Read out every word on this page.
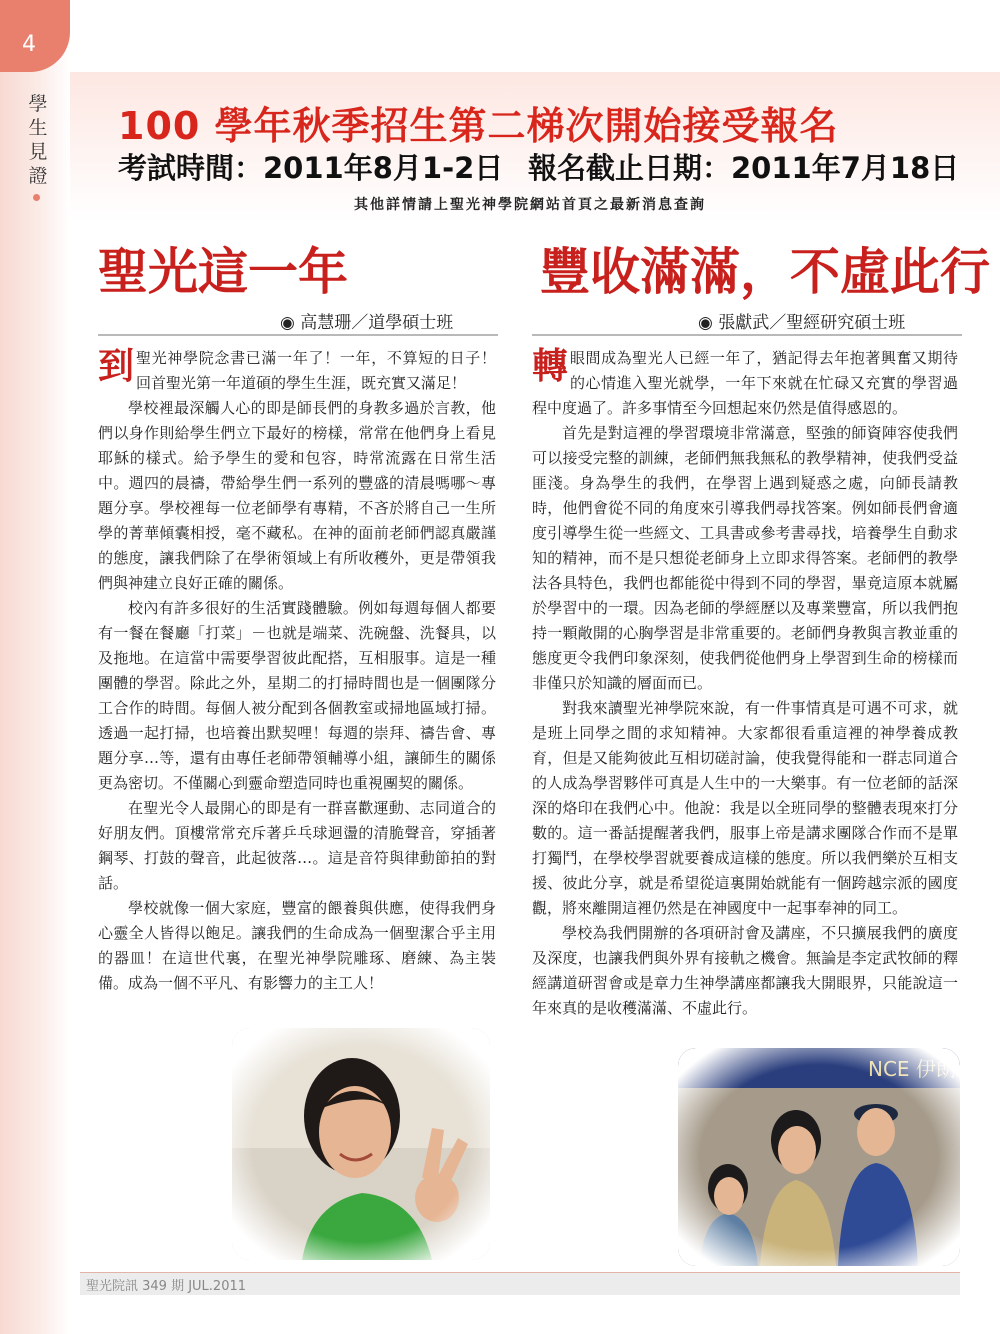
4
學生見證
100 學年秋季招生第二梯次開始接受報名
考試時間：2011年8月1-2日 報名截止日期：2011年7月18日
其他詳情請上聖光神學院網站首頁之最新消息查詢
聖光這一年
◉ 高慧珊／道學碩士班

到聖光神學院念書已滿一年了！一年，不算短的日子！回首聖光第一年道碩的學生生涯，既充實又滿足！

學校裡最深觸人心的即是師長們的身教多過於言教，他們以身作則給學生們立下最好的榜樣，常常在他們身上看見耶穌的樣式。給予學生的愛和包容，時常流露在日常生活中。週四的晨禱，帶給學生們一系列的豐盛的清晨嗎哪～專題分享。學校裡每一位老師學有專精，不吝於將自己一生所學的菁華傾囊相授，毫不藏私。在神的面前老師們認真嚴謹的態度，讓我們除了在學術領域上有所收穫外，更是帶領我們與神建立良好正確的關係。

校內有許多很好的生活實踐體驗。例如每週每個人都要有一餐在餐廳「打菜」－也就是端菜、洗碗盤、洗餐具，以及拖地。在這當中需要學習彼此配搭，互相服事。這是一種團體的學習。除此之外，星期二的打掃時間也是一個團隊分工合作的時間。每個人被分配到各個教室或掃地區域打掃。透過一起打掃，也培養出默契哩！每週的崇拜、禱告會、專題分享…等，還有由專任老師帶領輔導小組，讓師生的關係更為密切。不僅關心到靈命塑造同時也重視團契的關係。

在聖光令人最開心的即是有一群喜歡運動、志同道合的好朋友們。頂樓常常充斥著乒乓球迴盪的清脆聲音，穿插著鋼琴、打鼓的聲音，此起彼落…。這是音符與律動節拍的對話。

學校就像一個大家庭，豐富的餵養與供應，使得我們身心靈全人皆得以飽足。讓我們的生命成為一個聖潔合乎主用的器皿！在這世代裏，在聖光神學院雕琢、磨練、為主裝備。成為一個不平凡、有影響力的主工人！

豐收滿滿，不虛此行
◉ 張獻武／聖經研究碩士班

轉眼間成為聖光人已經一年了，猶記得去年抱著興奮又期待的心情進入聖光就學，一年下來就在忙碌又充實的學習過程中度過了。許多事情至今回想起來仍然是值得感恩的。

首先是對這裡的學習環境非常滿意，堅強的師資陣容使我們可以接受完整的訓練，老師們無我無私的教學精神，使我們受益匪淺。身為學生的我們，在學習上遇到疑惑之處，向師長請教時，他們會從不同的角度來引導我們尋找答案。例如師長們會適度引導學生從一些經文、工具書或參考書尋找，培養學生自動求知的精神，而不是只想從老師身上立即求得答案。老師們的教學法各具特色，我們也都能從中得到不同的學習，畢竟這原本就屬於學習中的一環。因為老師的學經歷以及專業豐富，所以我們抱持一顆敞開的心胸學習是非常重要的。老師們身教與言教並重的態度更令我們印象深刻，使我們從他們身上學習到生命的榜樣而非僅只於知識的層面而已。

對我來讀聖光神學院來說，有一件事情真是可遇不可求，就是班上同學之間的求知精神。大家都很看重這裡的神學養成教育，但是又能夠彼此互相切磋討論，使我覺得能和一群志同道合的人成為學習夥伴可真是人生中的一大樂事。有一位老師的話深深的烙印在我們心中。他說：我是以全班同學的整體表現來打分數的。這一番話提醒著我們，服事上帝是講求團隊合作而不是單打獨鬥，在學校學習就要養成這樣的態度。所以我們樂於互相支援、彼此分享，就是希望從這裏開始就能有一個跨越宗派的國度觀，將來離開這裡仍然是在神國度中一起事奉神的同工。

學校為我們開辦的各項研討會及講座，不只擴展我們的廣度及深度，也讓我們與外界有接軌之機會。無論是李定武牧師的釋經講道研習會或是章力生神學講座都讓我大開眼界，只能說這一年來真的是收穫滿滿、不虛此行。

聖光院訊 349 期 JUL.2011
